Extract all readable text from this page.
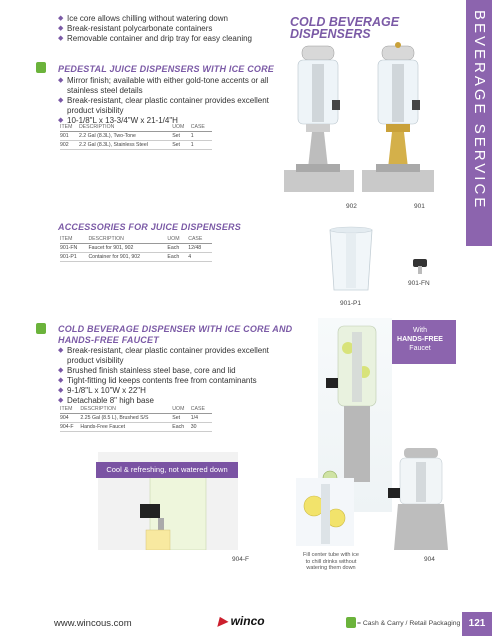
BEVERAGE SERVICE
◆ Ice core allows chilling without watering down
◆ Break-resistant polycarbonate containers
◆ Removable container and drip tray for easy cleaning
COLD BEVERAGE
DISPENSERS
PEDESTAL JUICE DISPENSERS WITH ICE CORE
◆ Mirror finish; available with either gold-tone accents or all stainless steel details
◆ Break-resistant, clear plastic container provides excellent product visibility
◆ 10-1/8"L x 13-3/4"W x 21-1/4"H
ITEM	DESCRIPTION	UOM	CASE
901	2.2 Gal (8.3L), Two-Tone	Set	1
902	2.2 Gal (8.3L), Stainless Steel	Set	1
902	901
ACCESSORIES FOR JUICE DISPENSERS
ITEM	DESCRIPTION	UOM	CASE
901-FN	Faucet for 901, 902	Each	12/48
901-P1	Container for 901, 902	Each	4
901-FN
901-P1
COLD BEVERAGE DISPENSER WITH ICE CORE AND
HANDS-FREE FAUCET
◆ Break-resistant, clear plastic container provides excellent product visibility
◆ Brushed finish stainless steel base, core and lid
◆ Tight-fitting lid keeps contents free from contaminants
◆ 9-1/8"L x 10"W x 22"H
◆ Detachable 8" high base
ITEM	DESCRIPTION	UOM	CASE
904	2.25 Gal (8.5 L), Brushed S/S	Set	1/4
904-F	Hands-Free Faucet	Each	30
With
HANDS-FREE
Faucet
Cool & refreshing, not watered down
904-F
Fill center tube with ice
to chill drinks without
watering them down
904
www.wincous.com	▶ winco	= Cash & Carry / Retail Packaging 121
